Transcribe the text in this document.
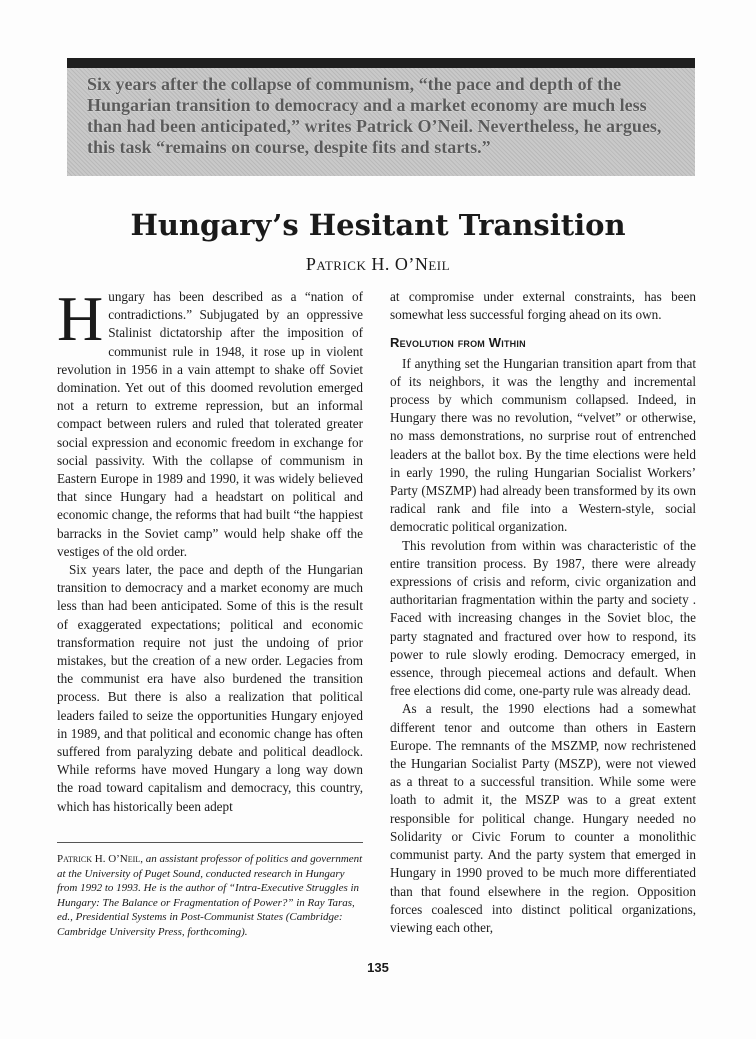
Six years after the collapse of communism, “the pace and depth of the Hungarian transition to democracy and a market economy are much less than had been anticipated,” writes Patrick O’Neil. Nevertheless, he argues, this task “remains on course, despite fits and starts.”
Hungary’s Hesitant Transition
Patrick H. O’Neil

Hungary has been described as a “nation of contradictions.” Subjugated by an oppressive Stalinist dictatorship after the imposition of communist rule in 1948, it rose up in violent revolution in 1956 in a vain attempt to shake off Soviet domination. Yet out of this doomed revolution emerged not a return to extreme repression, but an informal compact between rulers and ruled that tolerated greater social expression and economic freedom in exchange for social passivity. With the collapse of communism in Eastern Europe in 1989 and 1990, it was widely believed that since Hungary had a headstart on political and economic change, the reforms that had built “the happiest barracks in the Soviet camp” would help shake off the vestiges of the old order.

Six years later, the pace and depth of the Hungarian transition to democracy and a market economy are much less than had been anticipated. Some of this is the result of exaggerated expectations; political and economic transformation require not just the undoing of prior mistakes, but the creation of a new order. Legacies from the communist era have also burdened the transition process. But there is also a realization that political leaders failed to seize the opportunities Hungary enjoyed in 1989, and that political and economic change has often suffered from paralyzing debate and political deadlock. While reforms have moved Hungary a long way down the road toward capitalism and democracy, this country, which has historically been adept

Patrick H. O’Neil, an assistant professor of politics and government at the University of Puget Sound, conducted research in Hungary from 1992 to 1993. He is the author of “Intra-Executive Struggles in Hungary: The Balance or Fragmentation of Power?” in Ray Taras, ed., Presidential Systems in Post-Communist States (Cambridge: Cambridge University Press, forthcoming).

at compromise under external constraints, has been somewhat less successful forging ahead on its own.

Revolution from Within

If anything set the Hungarian transition apart from that of its neighbors, it was the lengthy and incremental process by which communism collapsed. Indeed, in Hungary there was no revolution, “velvet” or otherwise, no mass demonstrations, no surprise rout of entrenched leaders at the ballot box. By the time elections were held in early 1990, the ruling Hungarian Socialist Workers’ Party (MSZMP) had already been transformed by its own radical rank and file into a Western-style, social democratic political organization.

This revolution from within was characteristic of the entire transition process. By 1987, there were already expressions of crisis and reform, civic organization and authoritarian fragmentation within the party and society . Faced with increasing changes in the Soviet bloc, the party stagnated and fractured over how to respond, its power to rule slowly eroding. Democracy emerged, in essence, through piecemeal actions and default. When free elections did come, one-party rule was already dead.

As a result, the 1990 elections had a somewhat different tenor and outcome than others in Eastern Europe. The remnants of the MSZMP, now rechristened the Hungarian Socialist Party (MSZP), were not viewed as a threat to a successful transition. While some were loath to admit it, the MSZP was to a great extent responsible for political change. Hungary needed no Solidarity or Civic Forum to counter a monolithic communist party. And the party system that emerged in Hungary in 1990 proved to be much more differentiated than that found elsewhere in the region. Opposition forces coalesced into distinct political organizations, viewing each other,

135
